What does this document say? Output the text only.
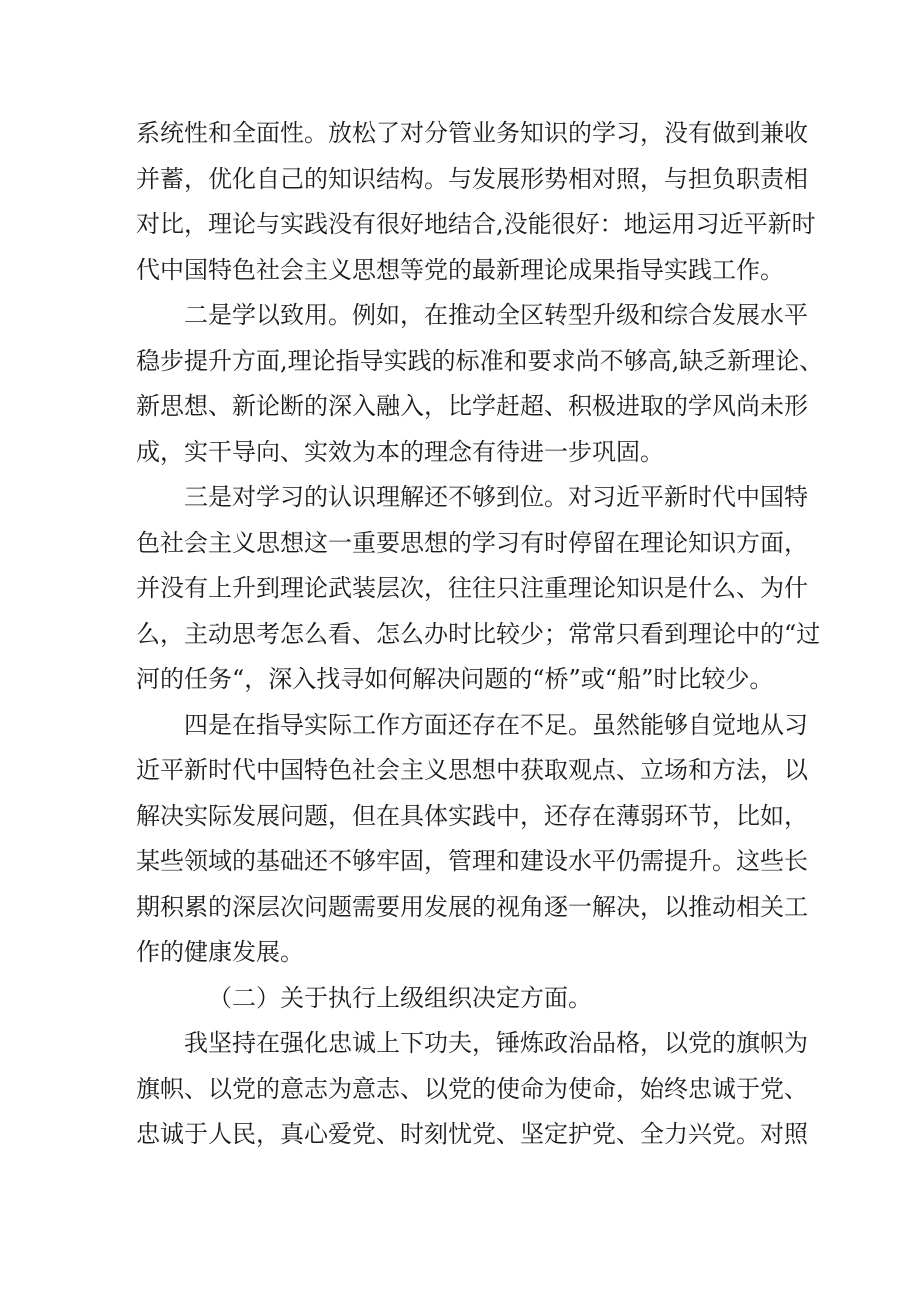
系统性和全面性。放松了对分管业务知识的学习，没有做到兼收
并蓄，优化自己的知识结构。与发展形势相对照，与担负职责相
对比，理论与实践没有很好地结合,没能很好：地运用习近平新时
代中国特色社会主义思想等党的最新理论成果指导实践工作。
二是学以致用。例如，在推动全区转型升级和综合发展水平
稳步提升方面,理论指导实践的标准和要求尚不够高,缺乏新理论、
新思想、新论断的深入融入，比学赶超、积极进取的学风尚未形
成，实干导向、实效为本的理念有待进一步巩固。
三是对学习的认识理解还不够到位。对习近平新时代中国特
色社会主义思想这一重要思想的学习有时停留在理论知识方面，
并没有上升到理论武装层次，往往只注重理论知识是什么、为什
么，主动思考怎么看、怎么办时比较少；常常只看到理论中的“过
河的任务“，深入找寻如何解决问题的“桥”或“船”时比较少。
四是在指导实际工作方面还存在不足。虽然能够自觉地从习
近平新时代中国特色社会主义思想中获取观点、立场和方法，以
解决实际发展问题，但在具体实践中，还存在薄弱环节，比如，
某些领域的基础还不够牢固，管理和建设水平仍需提升。这些长
期积累的深层次问题需要用发展的视角逐一解决，以推动相关工
作的健康发展。
（二）关于执行上级组织决定方面。
我坚持在强化忠诚上下功夫，锤炼政治品格，以党的旗帜为
旗帜、以党的意志为意志、以党的使命为使命，始终忠诚于党、
忠诚于人民，真心爱党、时刻忧党、坚定护党、全力兴党。对照
